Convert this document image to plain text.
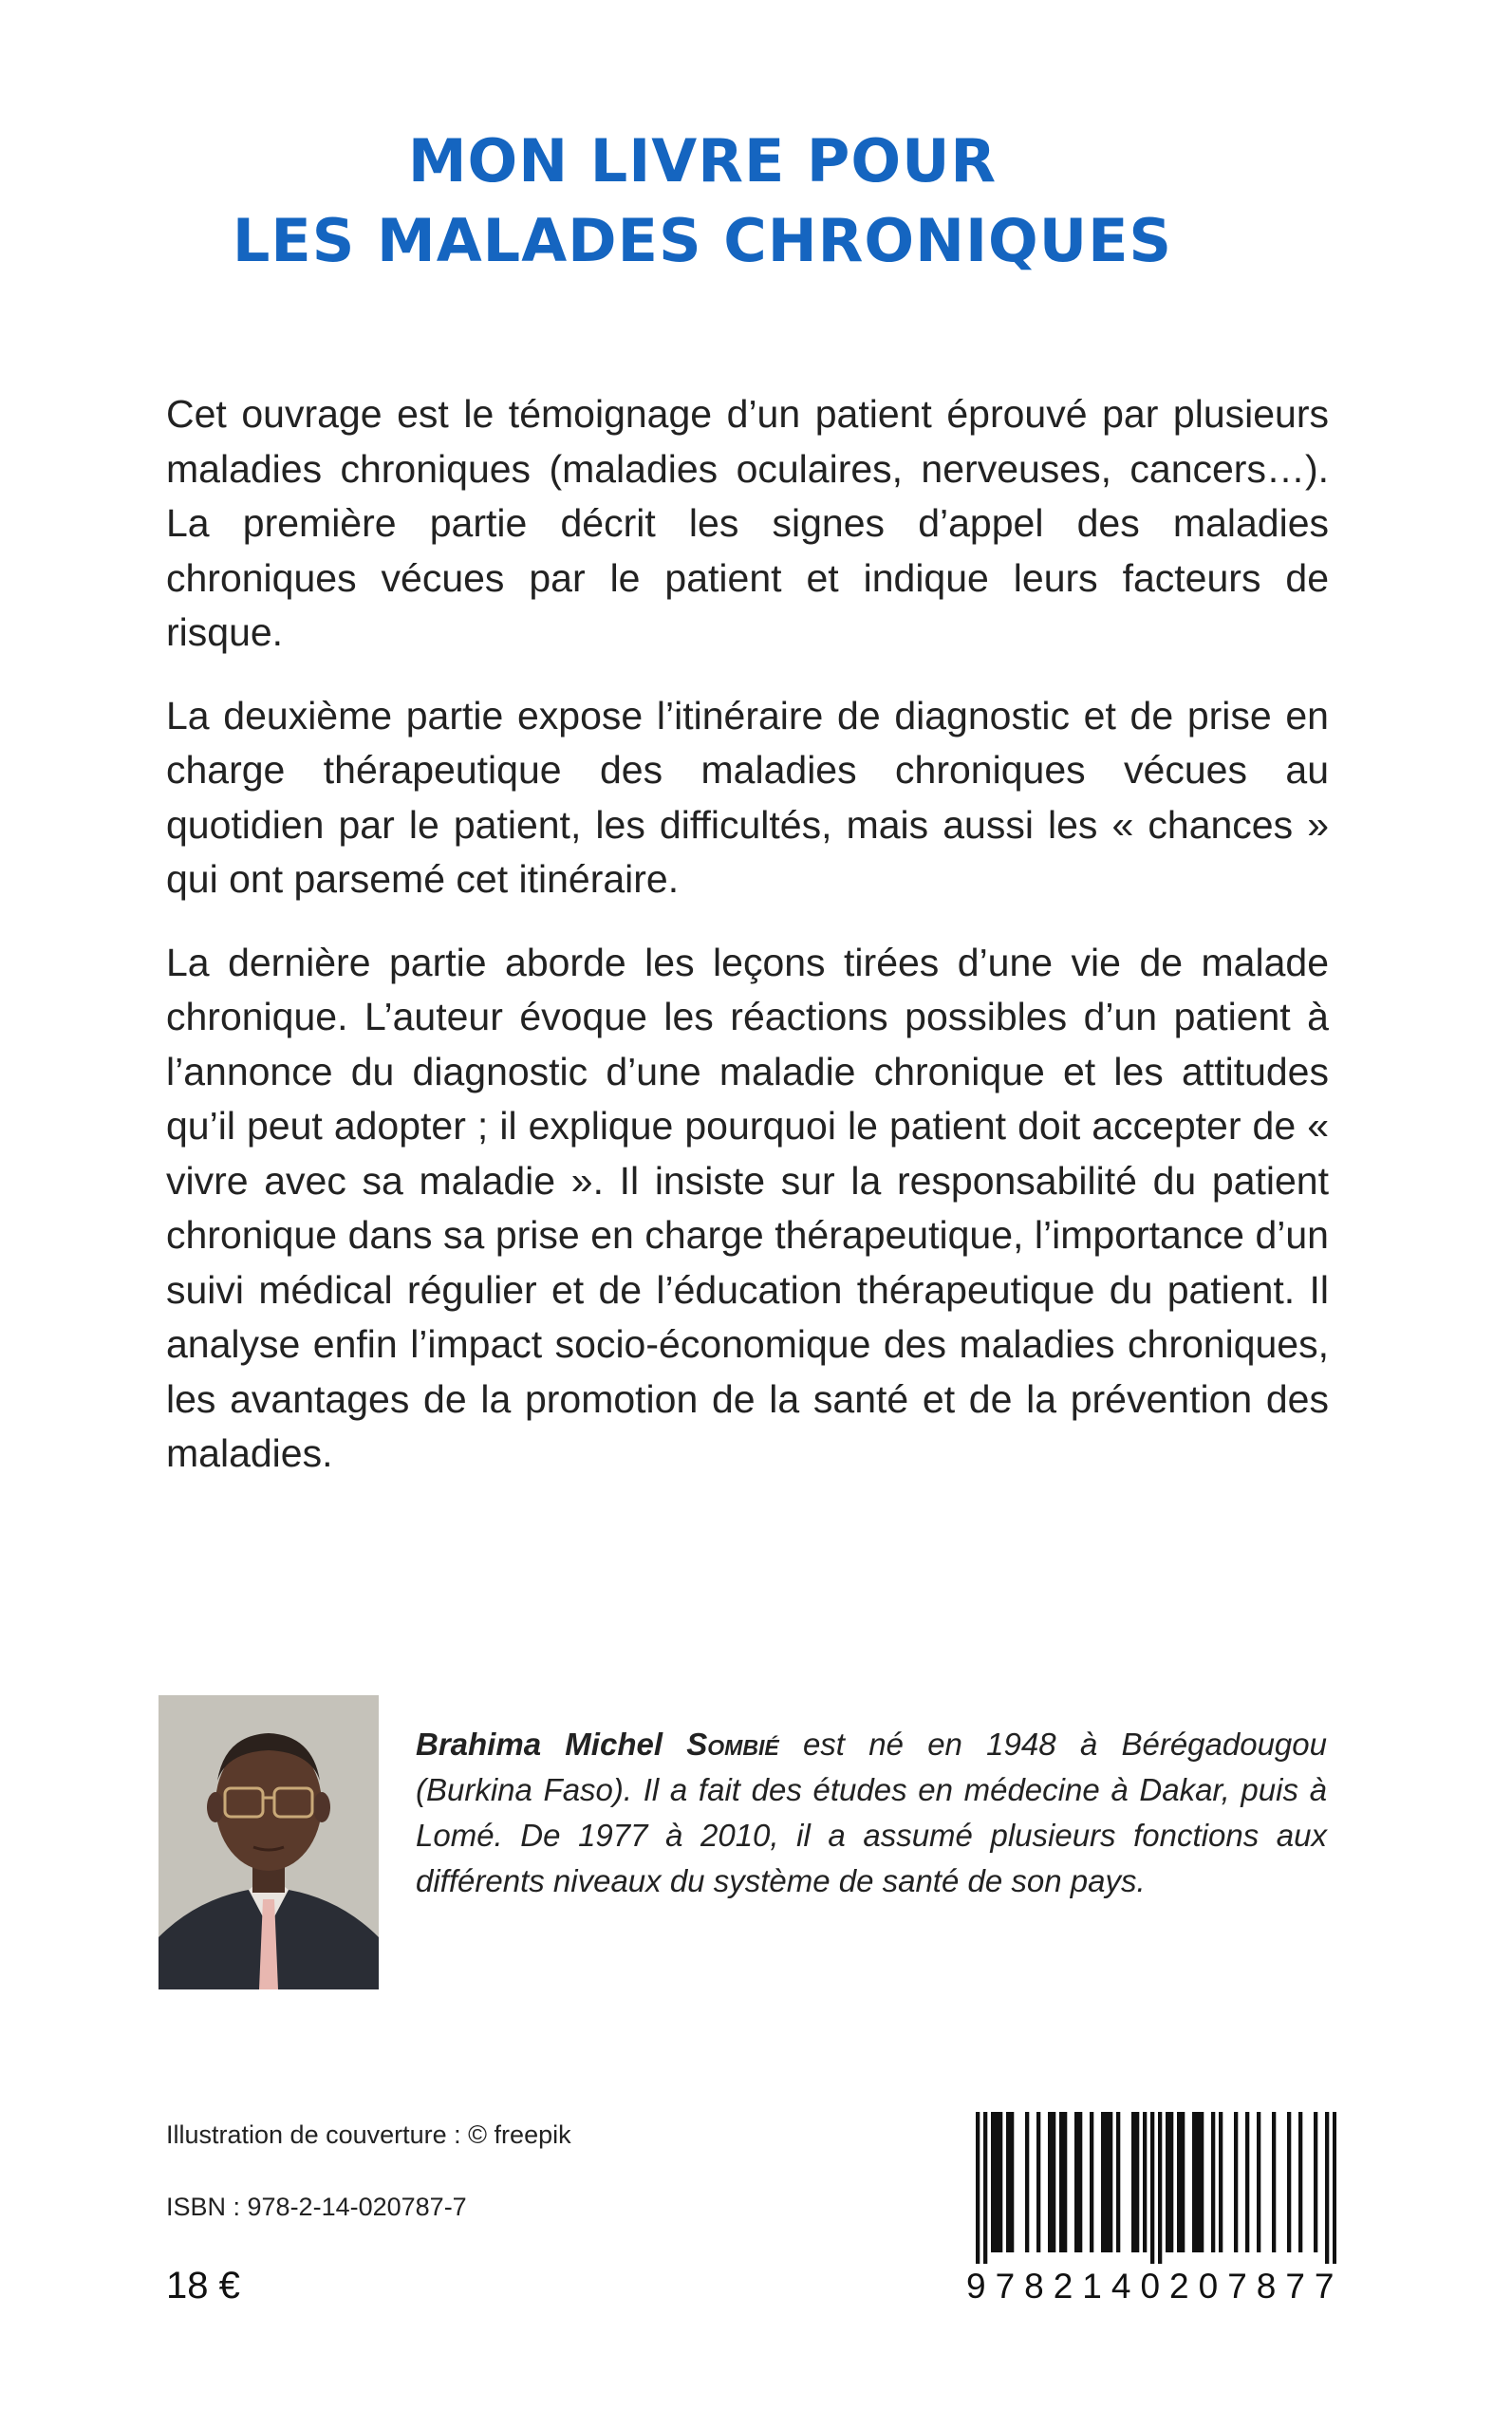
MON LIVRE POUR
LES MALADES CHRONIQUES

Cet ouvrage est le témoignage d’un patient éprouvé par plusieurs maladies chroniques (maladies oculaires, nerveuses, cancers…). La première partie décrit les signes d’appel des maladies chroniques vécues par le patient et indique leurs facteurs de risque.

La deuxième partie expose l’itinéraire de diagnostic et de prise en charge thérapeutique des maladies chroniques vécues au quotidien par le patient, les difficultés, mais aussi les « chances » qui ont parsemé cet itinéraire.

La dernière partie aborde les leçons tirées d’une vie de malade chronique. L’auteur évoque les réactions possibles d’un patient à l’annonce du diagnostic d’une maladie chronique et les attitudes qu’il peut adopter ; il explique pourquoi le patient doit accepter de « vivre avec sa maladie ». Il insiste sur la responsabilité du patient chronique dans sa prise en charge thérapeutique, l’importance d’un suivi médical régulier et de l’éducation thérapeutique du patient. Il analyse enfin l’impact socio-économique des maladies chroniques, les avantages de la promotion de la santé et de la prévention des maladies.

Brahima Michel Sombié est né en 1948 à Bérégadougou (Burkina Faso). Il a fait des études en médecine à Dakar, puis à Lomé. De 1977 à 2010, il a assumé plusieurs fonctions aux différents niveaux du système de santé de son pays.
Illustration de couverture : © freepik
ISBN : 978-2-14-020787-7
18 €	9782140207877
